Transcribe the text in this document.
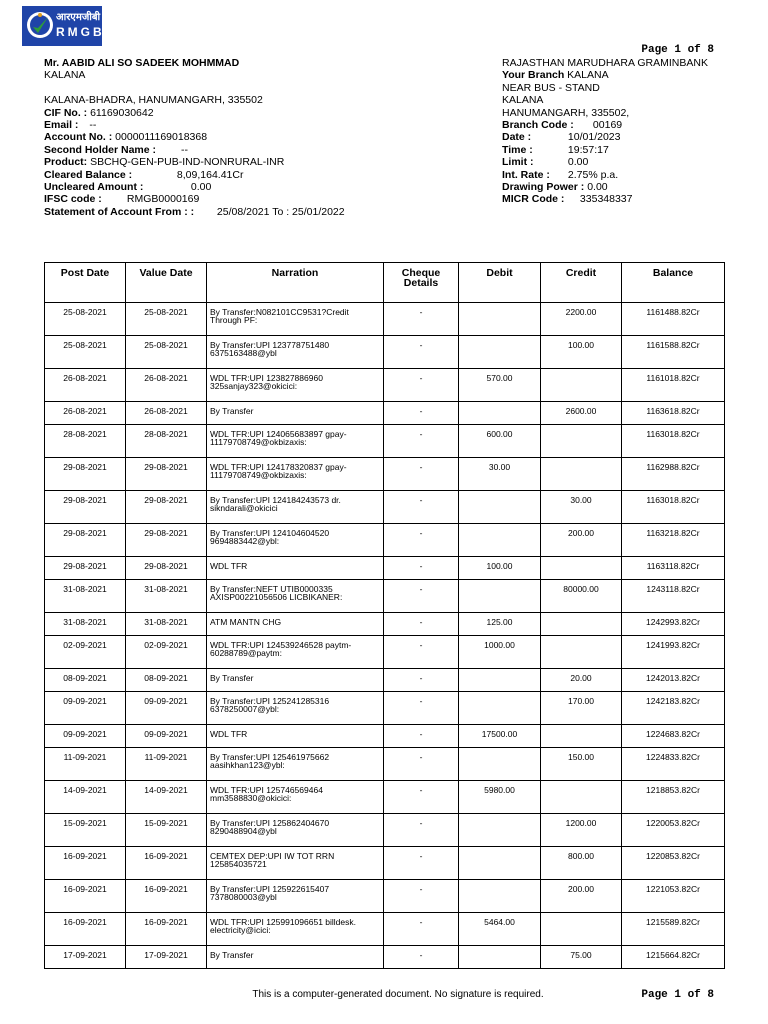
आरएमजीबी
RMGB
Page 1 of 8
Mr. AABID ALI SO SADEEK MOHMMAD
KALANA
KALANA-BHADRA, HANUMANGARH, 335502
CIF No. : 61169030642
Email : --
Account No. : 0000011169018368
Second Holder Name : --
Product: SBCHQ-GEN-PUB-IND-NONRURAL-INR
Cleared Balance :	8,09,164.41Cr
Uncleared Amount :	0.00
IFSC code : RMGB0000169
Statement of Account From : : 25/08/2021 To : 25/01/2022
RAJASTHAN MARUDHARA GRAMINBANK
Your Branch KALANA
NEAR BUS - STAND
KALANA
HANUMANGARH, 335502,
Branch Code : 00169
Date :	10/01/2023
Time :	19:57:17
Limit :	0.00
Int. Rate : 2.75% p.a.
Drawing Power : 0.00
MICR Code : 335348337
Post Date	Value Date	Narration	Cheque Details	Debit	Credit	Balance
25-08-2021	25-08-2021	By Transfer:N082101CC9531?Credit
Through PF:	-		2200.00	1161488.82Cr
25-08-2021	25-08-2021	By Transfer:UPI 123778751480
6375163488@ybl	-		100.00	1161588.82Cr
26-08-2021	26-08-2021	WDL TFR:UPI 123827886960
325sanjay323@okicici:	-	570.00		1161018.82Cr
26-08-2021	26-08-2021	By Transfer	-		2600.00	1163618.82Cr
28-08-2021	28-08-2021	WDL TFR:UPI 124065683897 gpay-
11179708749@okbizaxis:	-	600.00		1163018.82Cr
29-08-2021	29-08-2021	WDL TFR:UPI 124178320837 gpay-
11179708749@okbizaxis:	-	30.00		1162988.82Cr
29-08-2021	29-08-2021	By Transfer:UPI 124184243573 dr.
sikndarali@okicici	-		30.00	1163018.82Cr
29-08-2021	29-08-2021	By Transfer:UPI 124104604520
9694883442@ybl:	-		200.00	1163218.82Cr
29-08-2021	29-08-2021	WDL TFR	-	100.00		1163118.82Cr
31-08-2021	31-08-2021	By Transfer:NEFT UTIB0000335
AXISP00221056506 LICBIKANER:	-		80000.00	1243118.82Cr
31-08-2021	31-08-2021	ATM MANTN CHG	-	125.00		1242993.82Cr
02-09-2021	02-09-2021	WDL TFR:UPI 124539246528 paytm-
60288789@paytm:	-	1000.00		1241993.82Cr
08-09-2021	08-09-2021	By Transfer	-		20.00	1242013.82Cr
09-09-2021	09-09-2021	By Transfer:UPI 125241285316
6378250007@ybl:	-		170.00	1242183.82Cr
09-09-2021	09-09-2021	WDL TFR	-	17500.00		1224683.82Cr
11-09-2021	11-09-2021	By Transfer:UPI 125461975662
aasihkhan123@ybl:	-		150.00	1224833.82Cr
14-09-2021	14-09-2021	WDL TFR:UPI 125746569464
mm3588830@okicici:	-	5980.00		1218853.82Cr
15-09-2021	15-09-2021	By Transfer:UPI 125862404670
8290488904@ybl	-		1200.00	1220053.82Cr
16-09-2021	16-09-2021	CEMTEX DEP:UPI IW TOT RRN
125854035721	-		800.00	1220853.82Cr
16-09-2021	16-09-2021	By Transfer:UPI 125922615407
7378080003@ybl	-		200.00	1221053.82Cr
16-09-2021	16-09-2021	WDL TFR:UPI 125991096651 billdesk.
electricity@icici:	-	5464.00		1215589.82Cr
17-09-2021	17-09-2021	By Transfer	-		75.00	1215664.82Cr
This is a computer-generated document. No signature is required.	Page 1 of 8
